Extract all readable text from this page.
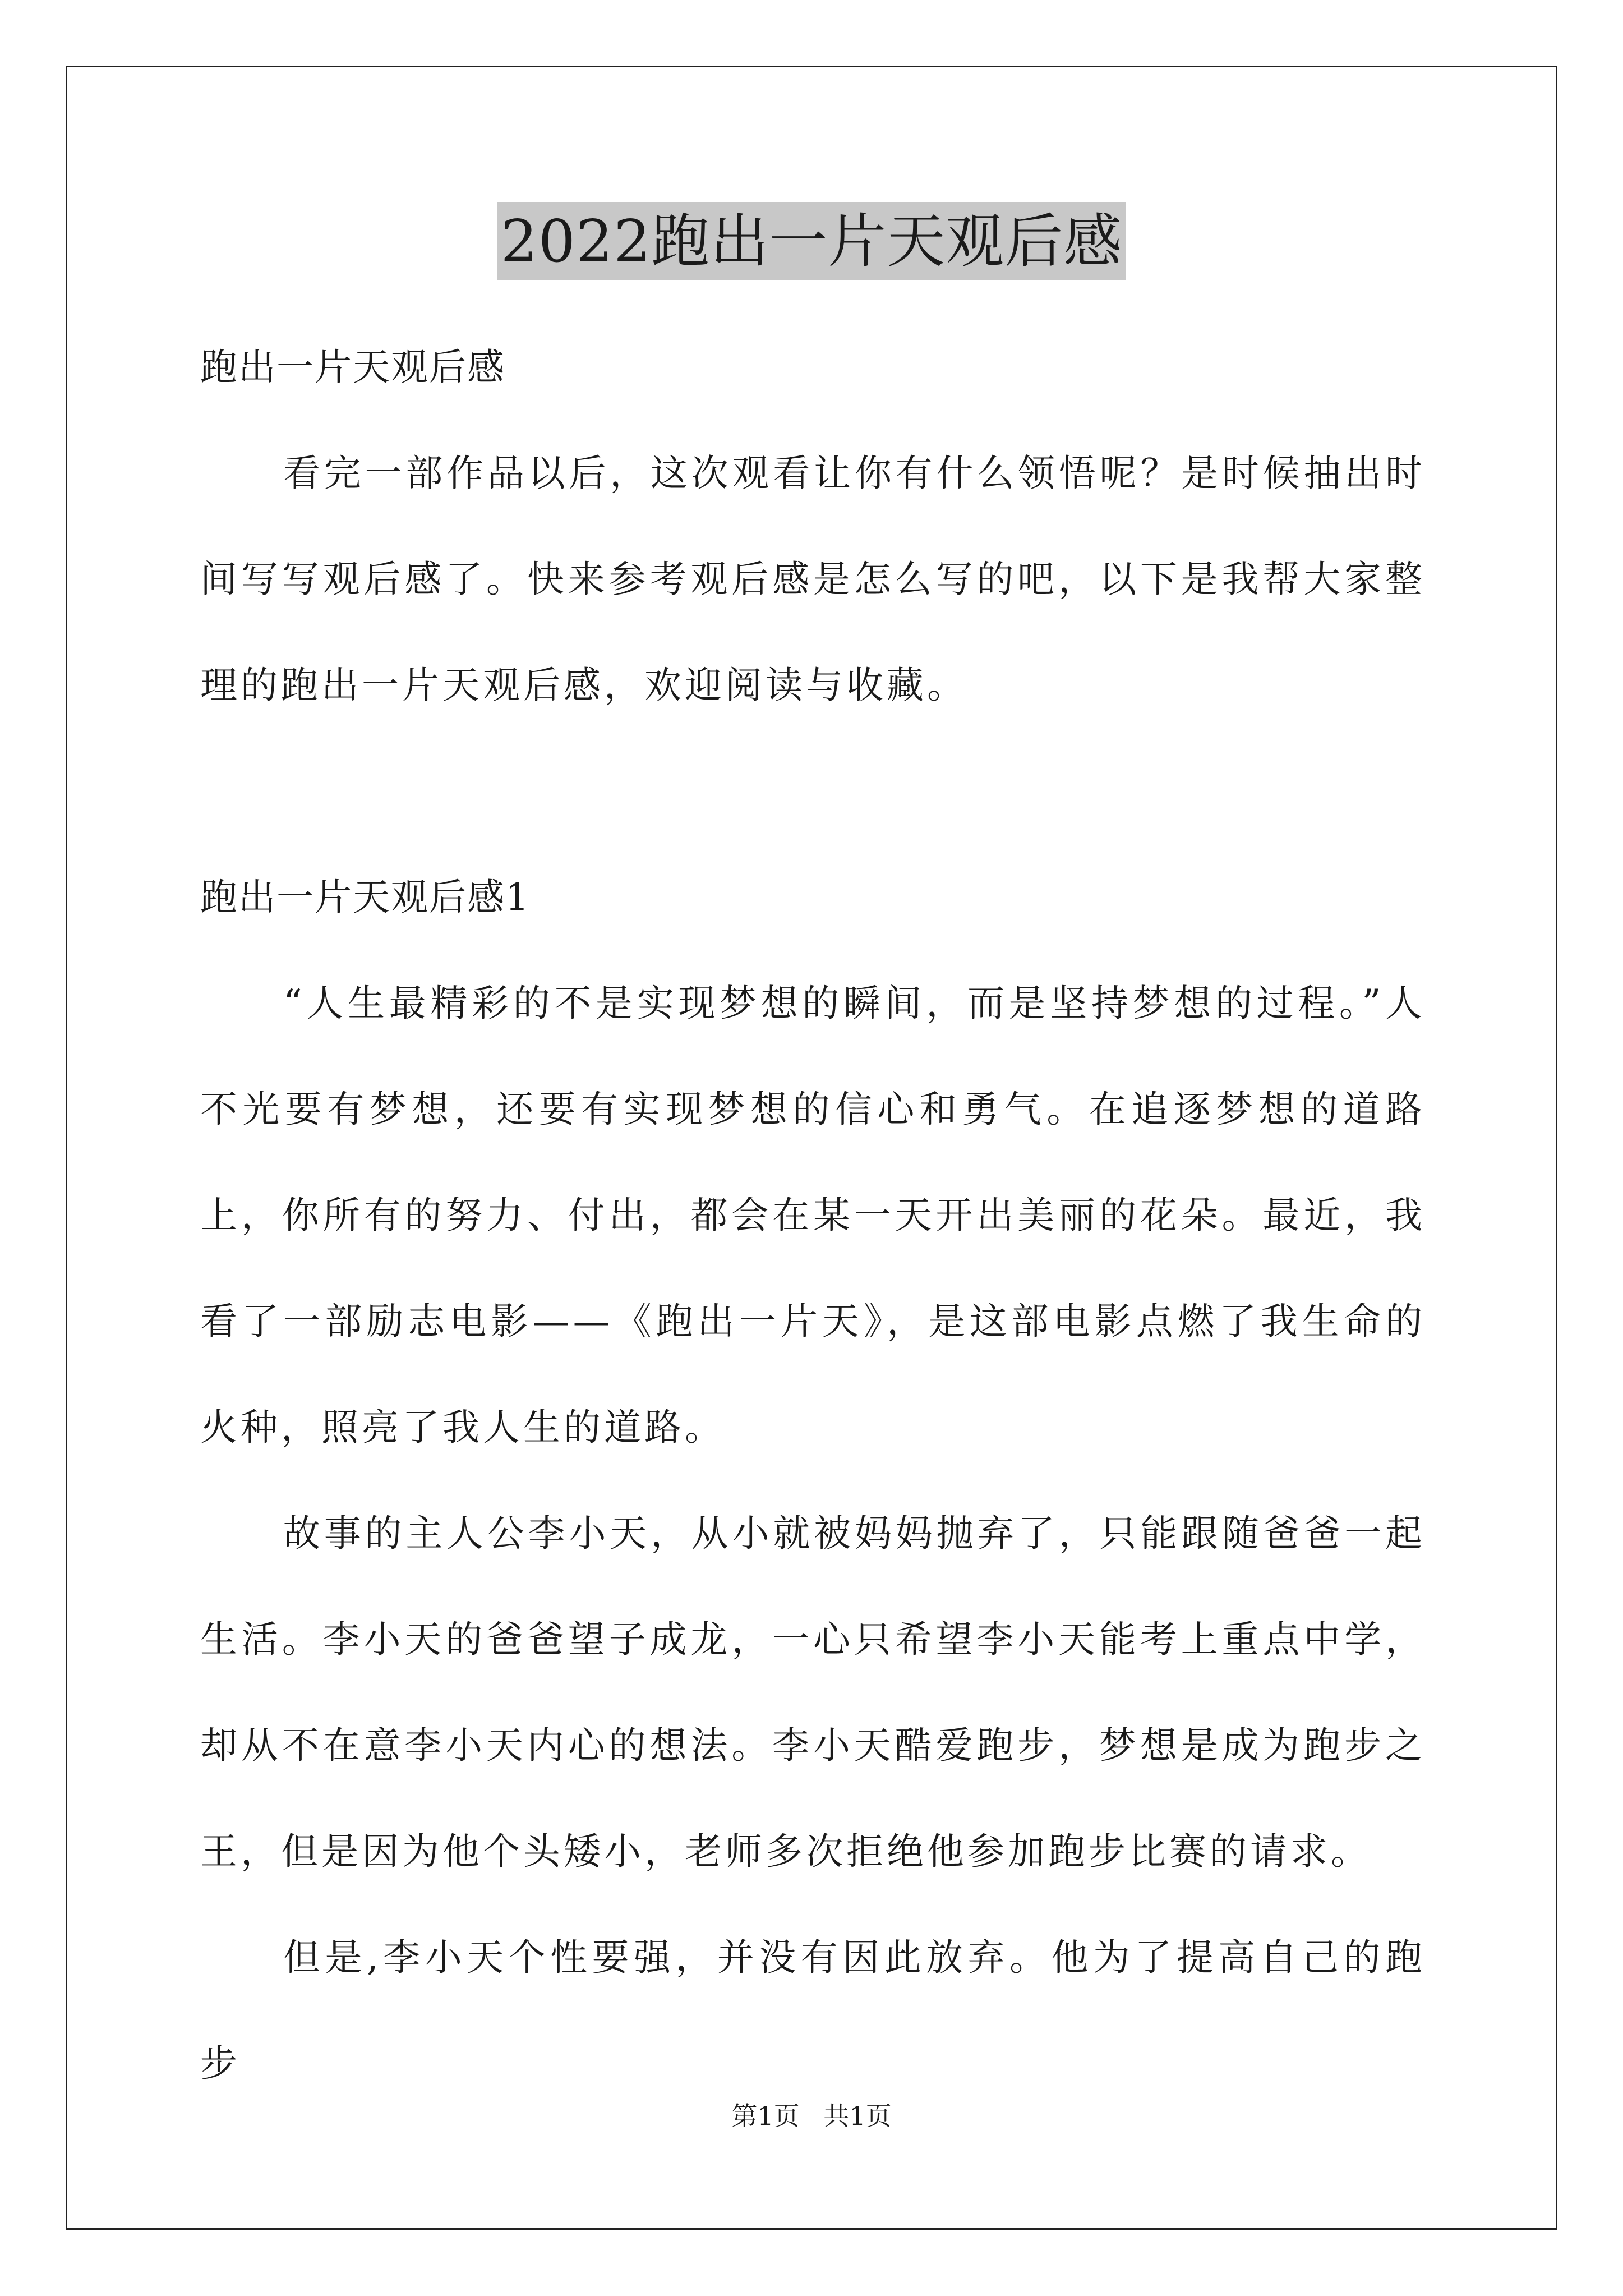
2022跑出一片天观后感

跑出一片天观后感

看完一部作品以后，这次观看让你有什么领悟呢？是时候抽出时间写写观后感了。快来参考观后感是怎么写的吧，以下是我帮大家整理的跑出一片天观后感，欢迎阅读与收藏。

跑出一片天观后感1

“人生最精彩的不是实现梦想的瞬间，而是坚持梦想的过程。”人不光要有梦想，还要有实现梦想的信心和勇气。在追逐梦想的道路上，你所有的努力、付出，都会在某一天开出美丽的花朵。最近，我看了一部励志电影——《跑出一片天》，是这部电影点燃了我生命的火种，照亮了我人生的道路。

故事的主人公李小天，从小就被妈妈抛弃了，只能跟随爸爸一起生活。李小天的爸爸望子成龙，一心只希望李小天能考上重点中学，却从不在意李小天内心的想法。李小天酷爱跑步，梦想是成为跑步之王，但是因为他个头矮小，老师多次拒绝他参加跑步比赛的请求。

但是,李小天个性要强，并没有因此放弃。他为了提高自己的跑步

第1页 共1页
